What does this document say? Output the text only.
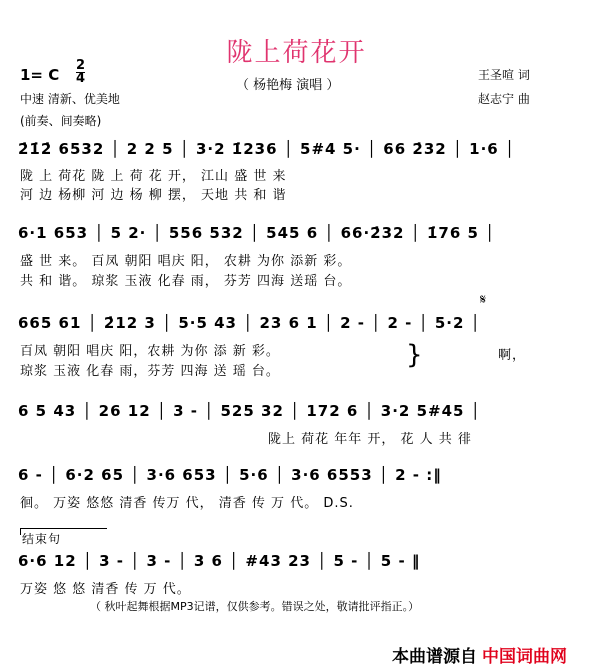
陇上荷花开
1= C
2
4	（ 杨艳梅 演唱 ）
王圣喧 词
赵志宁 曲
中速 清新、优美地
(前奏、间奏略)
2̇1̇2̇ 6532 │ 2 2 5 │ 3·2 1̇236 │ 5#4 5· │ 66 2̇32 │ 1·6 │
陇 上 荷花 陇 上 荷 花 开， 江山 盛 世 来
河 边 杨柳 河 边 杨 柳 摆， 天地 共 和 谐
6·1 653 │ 5 2· │ 556 532 │ 545 6 │ 66·2̇32 │ 1̇76 5 │
盛 世 来。 百凤 朝阳 唱庆 阳， 农耕 为你 添新 彩。
共 和 谐。 琼浆 玉液 化春 雨， 芬芳 四海 送瑶 台。
665 61 │ 2̇12 3 │ 5·5 43 │ 23 6 1 │ 2 - │ 2 - │ 5·2 │
百凤 朝阳 唱庆 阳，农耕 为你 添 新 彩。
琼浆 玉液 化春 雨，芬芳 四海 送 瑶 台。
啊，
}
𝄋
6 5 43 │ 26 12 │ 3 - │ 525 32 │ 172 6 │ 3·2 5#45 │
陇上 荷花 年年 开， 花 人 共 徘
6 - │ 6·2 65 │ 3·6 653 │ 5·6 │ 3·6 6553 │ 2 - :‖
徊。 万姿 悠悠 清香 传万 代， 清香 传 万 代。 D.S.
结束句
6·6 12 │ 3 - │ 3 - │ 3 6 │ #43 23 │ 5 - │ 5 - ‖
万姿 悠 悠 清香 传 万 代。
（ 秋叶起舞根据MP3记谱，仅供参考。错误之处，敬请批评指正。）
本曲谱源自 中国词曲网
